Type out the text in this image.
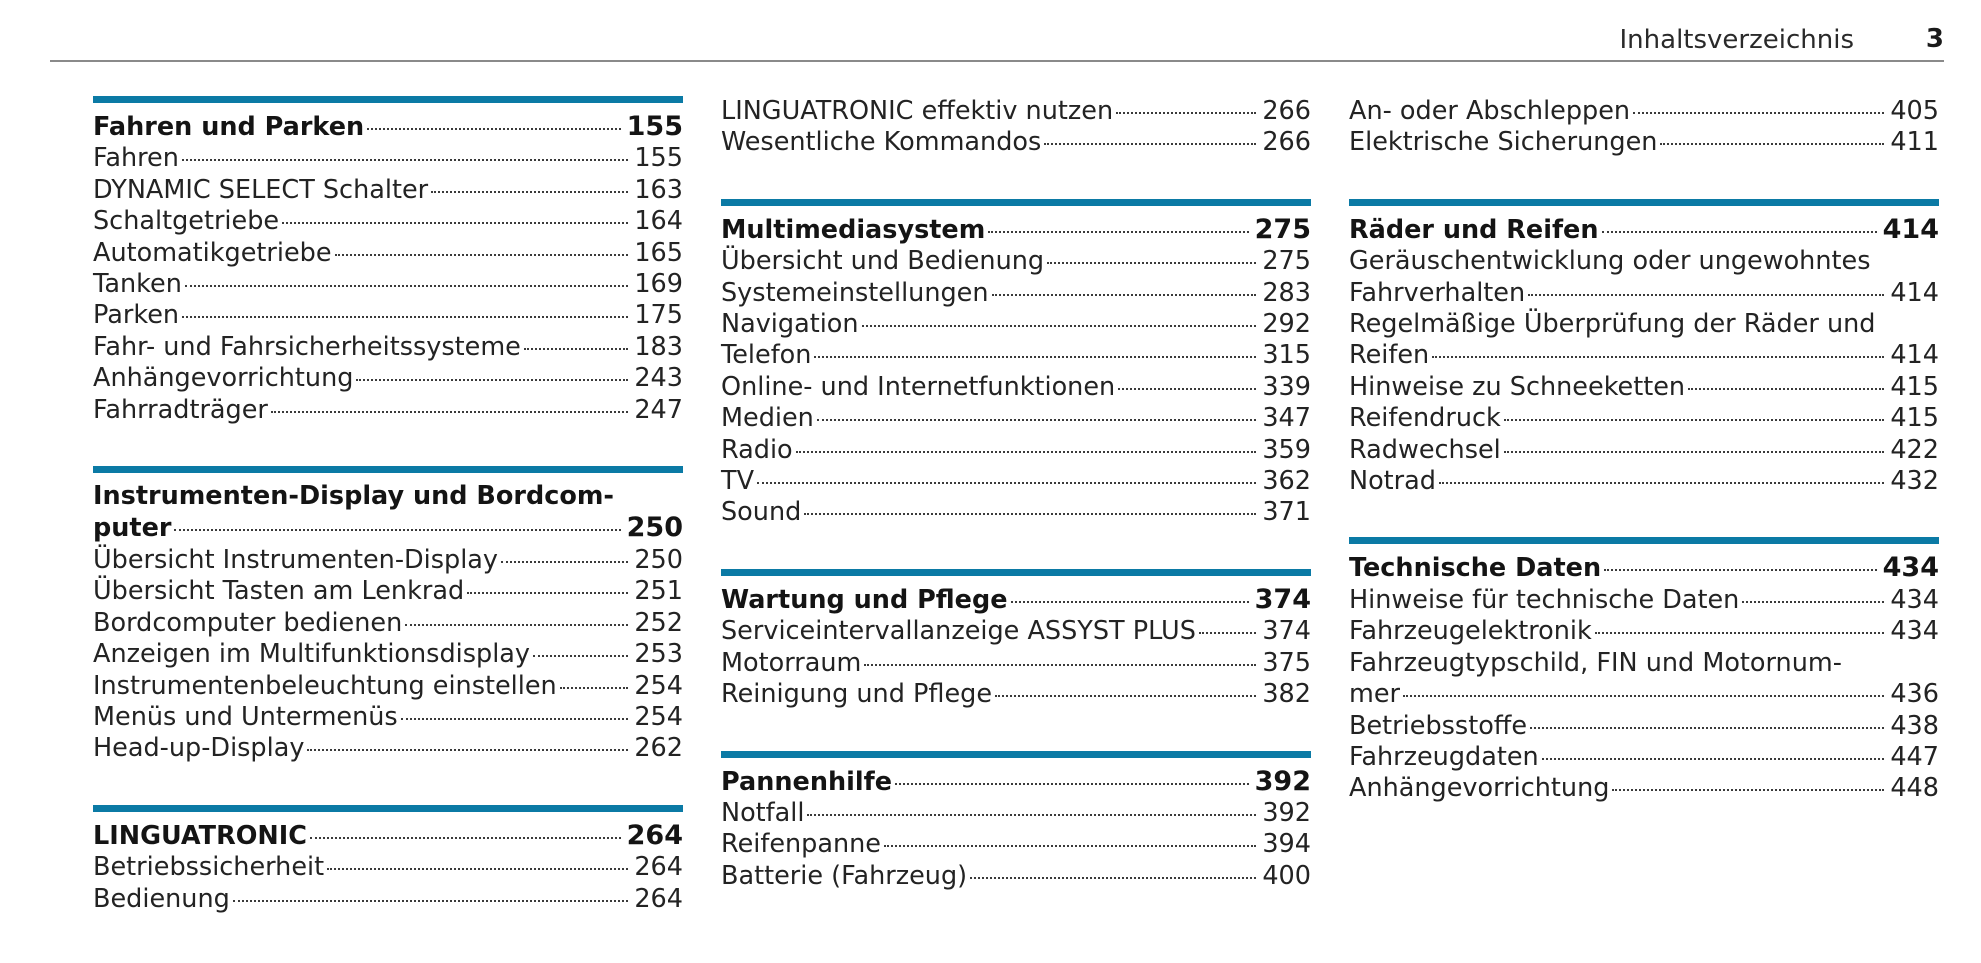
Inhaltsverzeichnis	3
Fahren und Parken	155
Fahren	155
DYNAMIC SELECT Schalter	163
Schaltgetriebe	164
Automatikgetriebe	165
Tanken	169
Parken	175
Fahr- und Fahrsicherheitssysteme	183
Anhängevorrichtung	243
Fahrradträger	247
Instrumenten-Display und Bordcom-
puter	250
Übersicht Instrumenten-Display	250
Übersicht Tasten am Lenkrad	251
Bordcomputer bedienen	252
Anzeigen im Multifunktionsdisplay	253
Instrumentenbeleuchtung einstellen	254
Menüs und Untermenüs	254
Head-up-Display	262
LINGUATRONIC	264
Betriebssicherheit	264
Bedienung	264
LINGUATRONIC effektiv nutzen	266
Wesentliche Kommandos	266
Multimediasystem	275
Übersicht und Bedienung	275
Systemeinstellungen	283
Navigation	292
Telefon	315
Online- und Internetfunktionen	339
Medien	347
Radio	359
TV	362
Sound	371
Wartung und Pflege	374
Serviceintervallanzeige ASSYST PLUS	374
Motorraum	375
Reinigung und Pflege	382
Pannenhilfe	392
Notfall	392
Reifenpanne	394
Batterie (Fahrzeug)	400
An- oder Abschleppen	405
Elektrische Sicherungen	411
Räder und Reifen	414
Geräuschentwicklung oder ungewohntes
Fahrverhalten	414
Regelmäßige Überprüfung der Räder und
Reifen	414
Hinweise zu Schneeketten	415
Reifendruck	415
Radwechsel	422
Notrad	432
Technische Daten	434
Hinweise für technische Daten	434
Fahrzeugelektronik	434
Fahrzeugtypschild, FIN und Motornum-
mer	436
Betriebsstoffe	438
Fahrzeugdaten	447
Anhängevorrichtung	448
